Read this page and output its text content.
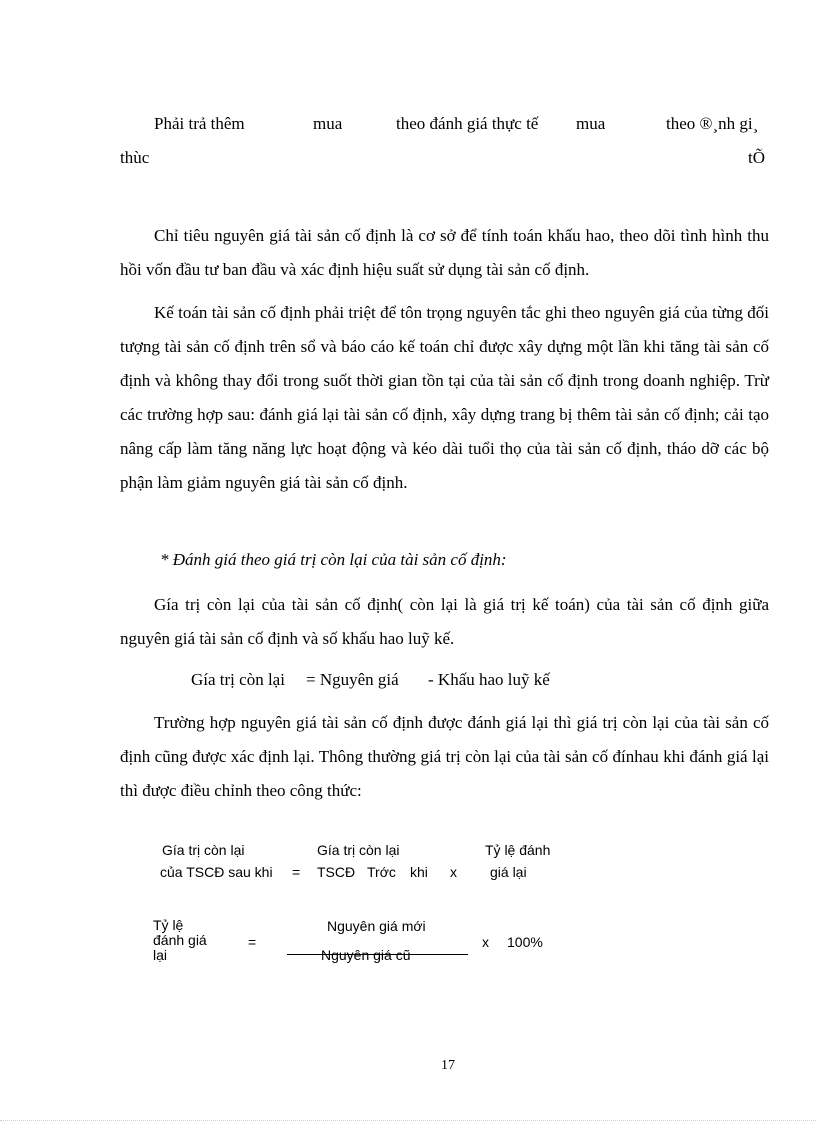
Phải trả thêm	mua	theo đánh giá thực tế mua	theo ®¸nh gi¸
thùc	tÕ
Chỉ tiêu nguyên giá tài sản cố định là cơ sở để tính toán khấu hao, theo dõi tình hình thu hồi vốn đầu tư ban đầu và xác định hiệu suất sử dụng tài sản cố định.
Kế toán tài sản cố định phải triệt để tôn trọng nguyên tắc ghi theo nguyên giá của từng đối tượng tài sản cố định trên sổ và báo cáo kế toán chỉ được xây dựng một lần khi tăng tài sản cố định và không thay đổi trong suốt thời gian tồn tại của tài sản cố định trong doanh nghiệp. Trừ các trường hợp sau: đánh giá lại tài sản cố định, xây dựng trang bị thêm tài sản cố định; cải tạo nâng cấp làm tăng năng lực hoạt động và kéo dài tuổi thọ của tài sản cố định, tháo dỡ các bộ phận làm giảm nguyên giá tài sản cố định.
* Đánh giá theo giá trị còn lại của tài sản cố định:
Gía trị còn lại của tài sản cố định( còn lại là giá trị kế toán) của tài sản cố định giữa nguyên giá tài sản cố định và số khấu hao luỹ kế.
Gía trị còn lại = Nguyên giá - Khấu hao luỹ kế
Trường hợp nguyên giá tài sản cố định được đánh giá lại thì giá trị còn lại của tài sản cố định cũng được xác định lại. Thông thường giá trị còn lại của tài sản cố đínhau khi đánh giá lại thì được điều chỉnh theo công thức:
Gía trị còn lại
của TSCĐ sau khi =
Gía trị còn lại
TSCĐ Trớc khi x
Tỷ lệ đánh
giá lại
Tỷ lệ
đánh giá
lại
=
Nguyên giá mới
Nguyên giá cũ
x 100%
17
